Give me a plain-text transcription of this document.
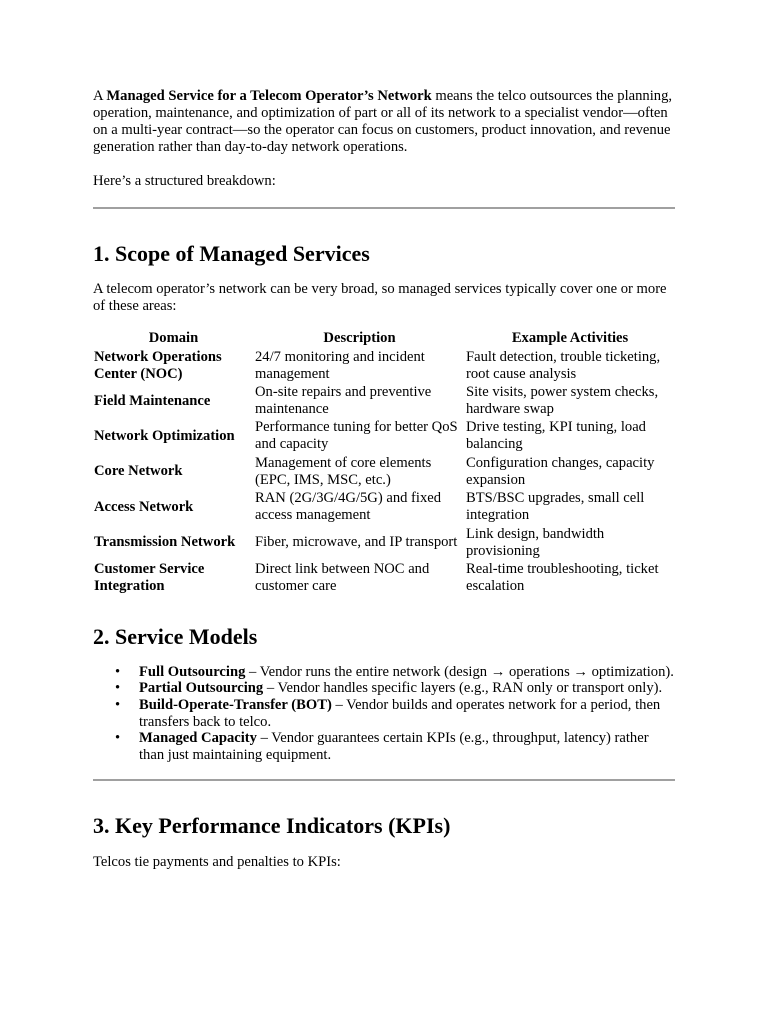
A Managed Service for a Telecom Operator’s Network means the telco outsources the planning, operation, maintenance, and optimization of part or all of its network to a specialist vendor—often on a multi-year contract—so the operator can focus on customers, product innovation, and revenue generation rather than day-to-day network operations.

Here’s a structured breakdown:

1. Scope of Managed Services

A telecom operator’s network can be very broad, so managed services typically cover one or more of these areas:

Domain	Description	Example Activities
Network Operations Center (NOC)	24/7 monitoring and incident management	Fault detection, trouble ticketing, root cause analysis
Field Maintenance	On-site repairs and preventive maintenance	Site visits, power system checks, hardware swap
Network Optimization	Performance tuning for better QoS and capacity	Drive testing, KPI tuning, load balancing
Core Network	Management of core elements (EPC, IMS, MSC, etc.)	Configuration changes, capacity expansion
Access Network	RAN (2G/3G/4G/5G) and fixed access management	BTS/BSC upgrades, small cell integration
Transmission Network	Fiber, microwave, and IP transport	Link design, bandwidth provisioning
Customer Service Integration	Direct link between NOC and customer care	Real-time troubleshooting, ticket escalation
2. Service Models
• Full Outsourcing – Vendor runs the entire network (design → operations → optimization).
• Partial Outsourcing – Vendor handles specific layers (e.g., RAN only or transport only).
• Build-Operate-Transfer (BOT) – Vendor builds and operates network for a period, then transfers back to telco.
• Managed Capacity – Vendor guarantees certain KPIs (e.g., throughput, latency) rather than just maintaining equipment.
3. Key Performance Indicators (KPIs)

Telcos tie payments and penalties to KPIs:
